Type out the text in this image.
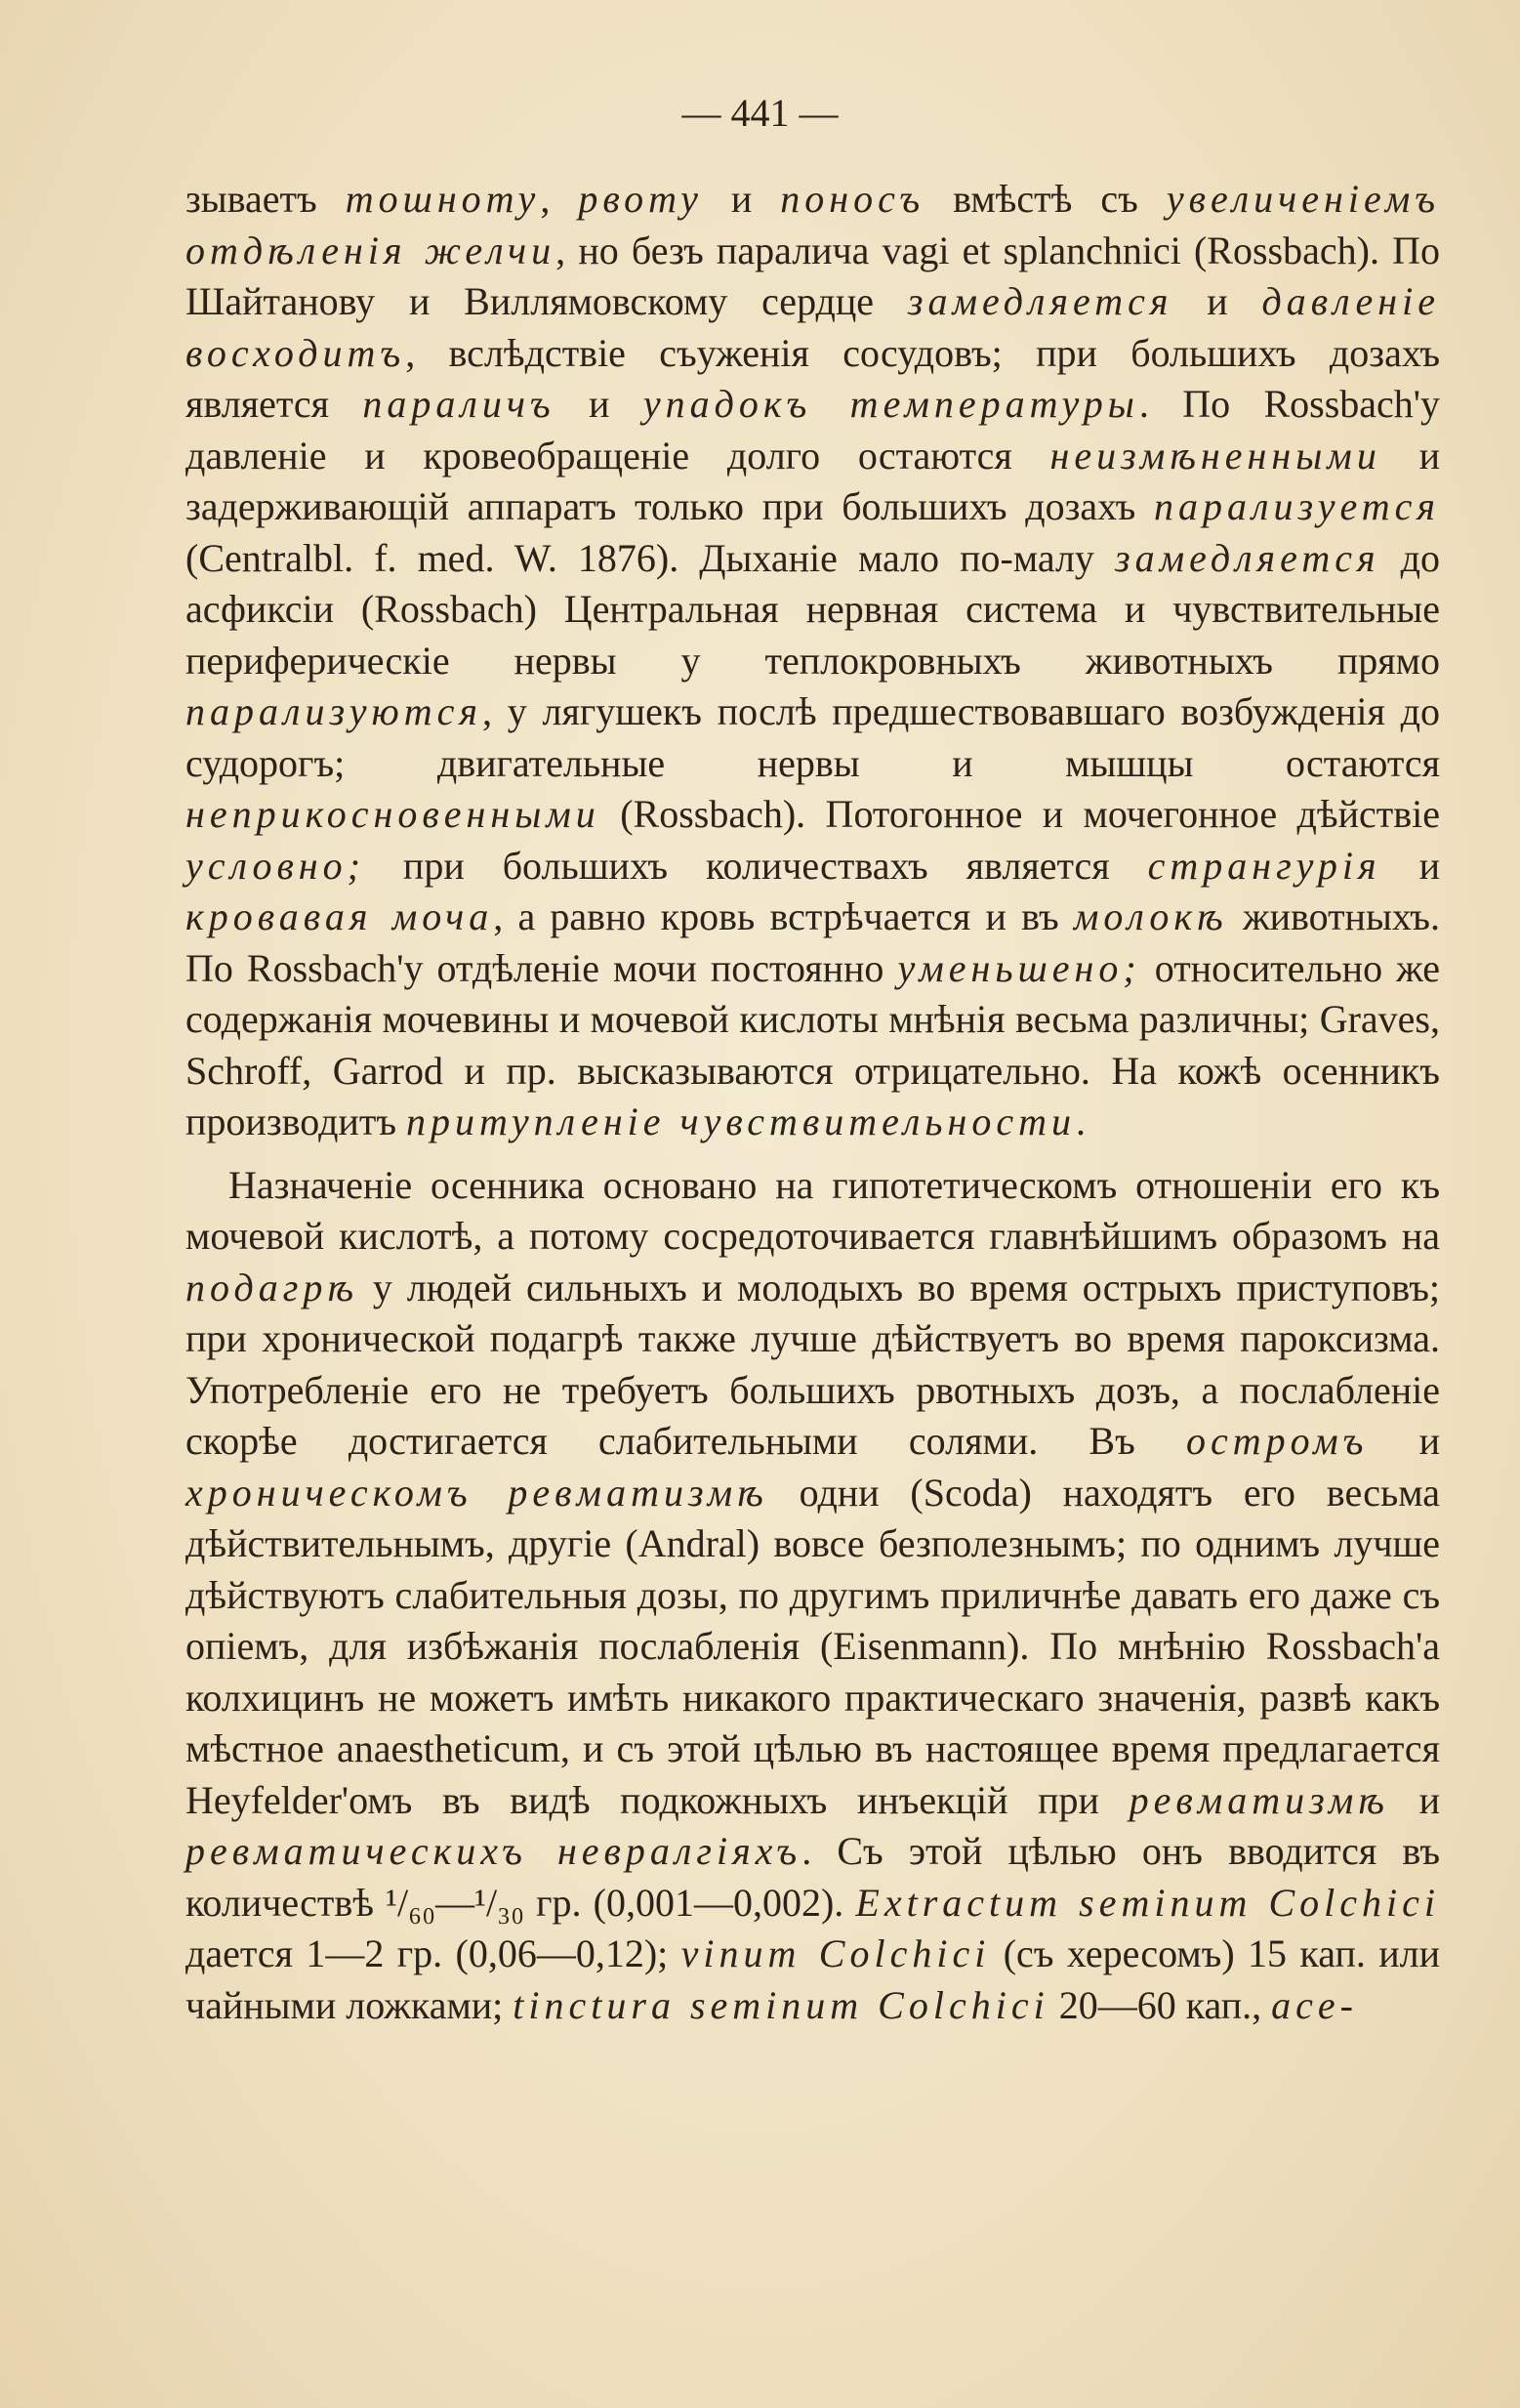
— 441 —

зываетъ тошноту, рвоту и поносъ вмѣстѣ съ увеличеніемъ отдѣленія желчи, но безъ паралича vagi et splanchnici (Rossbach). По Шайтанову и Виллямовскому сердце замедляется и давленіе восходитъ, вслѣдствіе съуженія сосудовъ; при большихъ дозахъ является параличъ и упадокъ температуры. По Rossbach'у давленіе и кровеобращеніе долго остаются неизмѣненными и задерживающій аппаратъ только при большихъ дозахъ парализуется (Centralbl. f. med. W. 1876). Дыханіе мало по-малу замедляется до асфиксіи (Rossbach) Центральная нервная система и чувствительные периферическіе нервы у теплокровныхъ животныхъ прямо парализуются, у лягушекъ послѣ предшествовавшаго возбужденія до судорогъ; двигательные нервы и мышцы остаются неприкосновенными (Rossbach). Потогонное и мочегонное дѣйствіе условно; при большихъ количествахъ является странгурія и кровавая моча, а равно кровь встрѣчается и въ молокѣ животныхъ. По Rossbach'у отдѣленіе мочи постоянно уменьшено; относительно же содержанія мочевины и мочевой кислоты мнѣнія весьма различны; Graves, Schroff, Garrod и пр. высказываются отрицательно. На кожѣ осенникъ производитъ притупленіе чувствительности.

Назначеніе осенника основано на гипотетическомъ отношеніи его къ мочевой кислотѣ, а потому сосредоточивается главнѣйшимъ образомъ на подагрѣ у людей сильныхъ и молодыхъ во время острыхъ приступовъ; при хронической подагрѣ также лучше дѣйствуетъ во время пароксизма. Употребленіе его не требуетъ большихъ рвотныхъ дозъ, а послабленіе скорѣе достигается слабительными солями. Въ остромъ и хроническомъ ревматизмѣ одни (Scoda) находятъ его весьма дѣйствительнымъ, другіе (Andral) вовсе безполезнымъ; по однимъ лучше дѣйствуютъ слабительныя дозы, по другимъ приличнѣе давать его даже съ опіемъ, для избѣжанія послабленія (Eisenmann). По мнѣнію Rossbach'а колхицинъ не можетъ имѣть никакого практическаго значенія, развѣ какъ мѣстное anaestheticum, и съ этой цѣлью въ настоящее время предлагается Heyfelder'омъ въ видѣ подкожныхъ инъекцій при ревматизмѣ и ревматическихъ невралгіяхъ. Съ этой цѣлью онъ вводится въ количествѣ ¹/₆₀—¹/₃₀ гр. (0,001—0,002). Extractum seminum Colchici дается 1—2 гр. (0,06—0,12); vinum Colchici (съ хересомъ) 15 кап. или чайными ложками; tinctura seminum Colchici 20—60 кап., ace-
